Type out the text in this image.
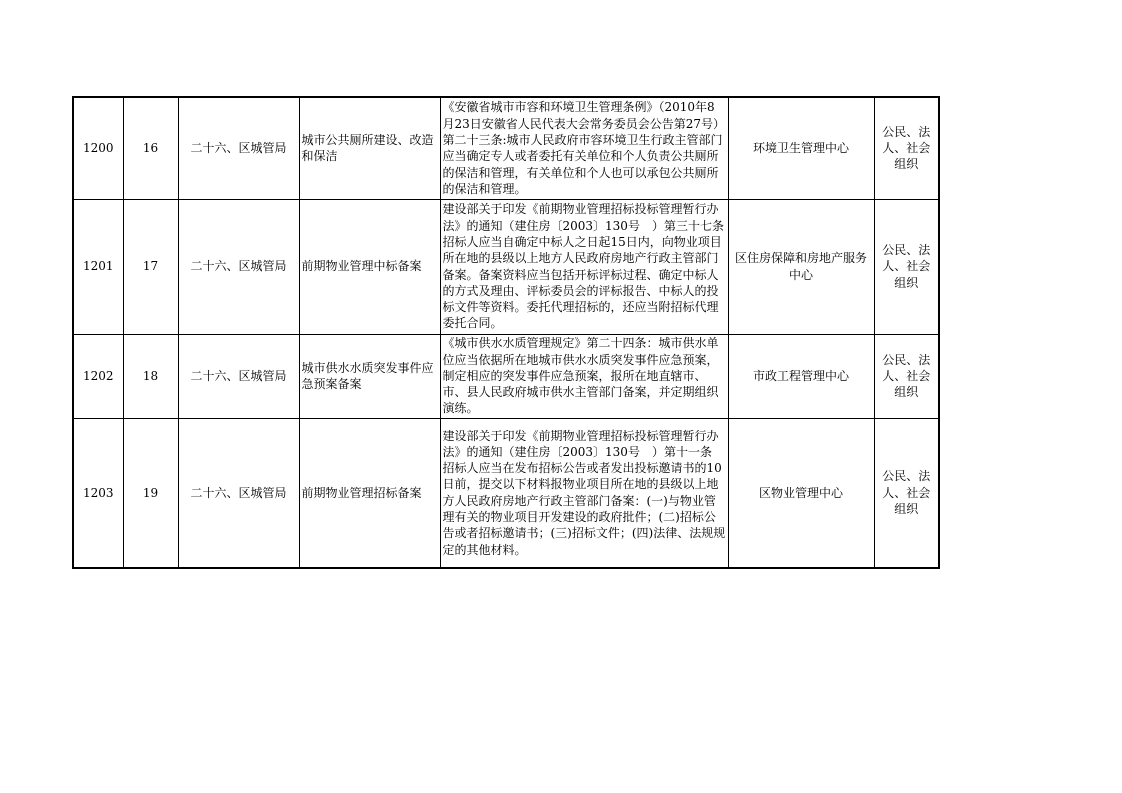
1200	16	二十六、区城管局	城市公共厕所建设、改造和保洁	《安徽省城市市容和环境卫生管理条例》（2010年8月23日安徽省人民代表大会常务委员会公告第27号）第二十三条:城市人民政府市容环境卫生行政主管部门应当确定专人或者委托有关单位和个人负责公共厕所的保洁和管理，有关单位和个人也可以承包公共厕所的保洁和管理。	环境卫生管理中心	公民、法人、社会组织
1201	17	二十六、区城管局	前期物业管理中标备案	建设部关于印发《前期物业管理招标投标管理暂行办法》的通知（建住房〔2003〕130号　）第三十七条　招标人应当自确定中标人之日起15日内，向物业项目所在地的县级以上地方人民政府房地产行政主管部门备案。备案资料应当包括开标评标过程、确定中标人的方式及理由、评标委员会的评标报告、中标人的投标文件等资料。委托代理招标的，还应当附招标代理委托合同。	区住房保障和房地产服务中心	公民、法人、社会组织
1202	18	二十六、区城管局	城市供水水质突发事件应急预案备案	《城市供水水质管理规定》第二十四条：城市供水单位应当依据所在地城市供水水质突发事件应急预案，制定相应的突发事件应急预案，报所在地直辖市、市、县人民政府城市供水主管部门备案，并定期组织演练。	市政工程管理中心	公民、法人、社会组织
1203	19	二十六、区城管局	前期物业管理招标备案	建设部关于印发《前期物业管理招标投标管理暂行办法》的通知（建住房〔2003〕130号　）第十一条　招标人应当在发布招标公告或者发出投标邀请书的10日前，提交以下材料报物业项目所在地的县级以上地方人民政府房地产行政主管部门备案：(一)与物业管理有关的物业项目开发建设的政府批件；(二)招标公告或者招标邀请书；(三)招标文件；(四)法律、法规规定的其他材料。	区物业管理中心	公民、法人、社会组织
